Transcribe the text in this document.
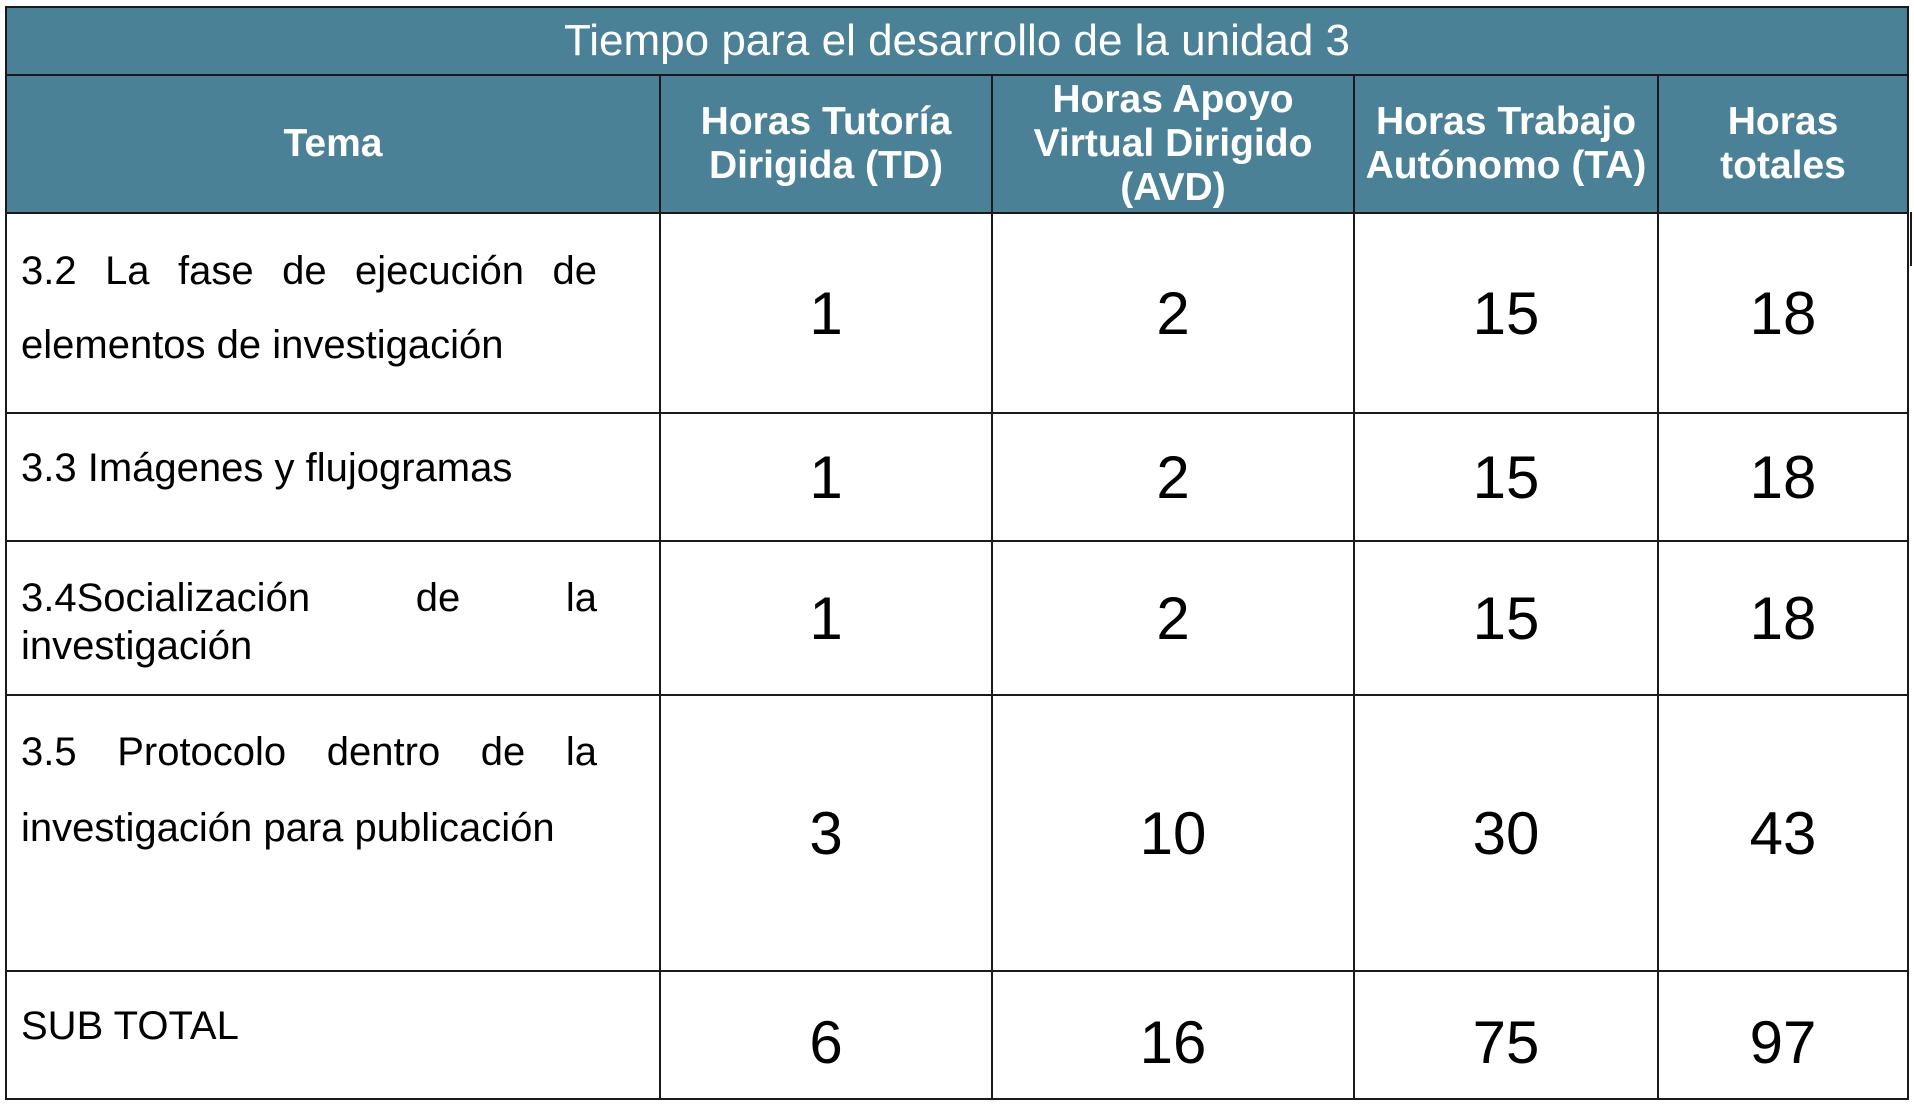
Tiempo para el desarrollo de la unidad 3				
Tema	Horas Tutoría Dirigida (TD)	Horas Apoyo Virtual Dirigido (AVD)	Horas Trabajo Autónomo (TA)	Horas totales
3.2 La fase de ejecución de elementos de investigación	1	2	15	18
3.3 Imágenes y flujogramas	1	2	15	18
3.4Socialización de la investigación	1	2	15	18
3.5 Protocolo dentro de la investigación para publicación	3	10	30	43
SUB TOTAL	6	16	75	97
